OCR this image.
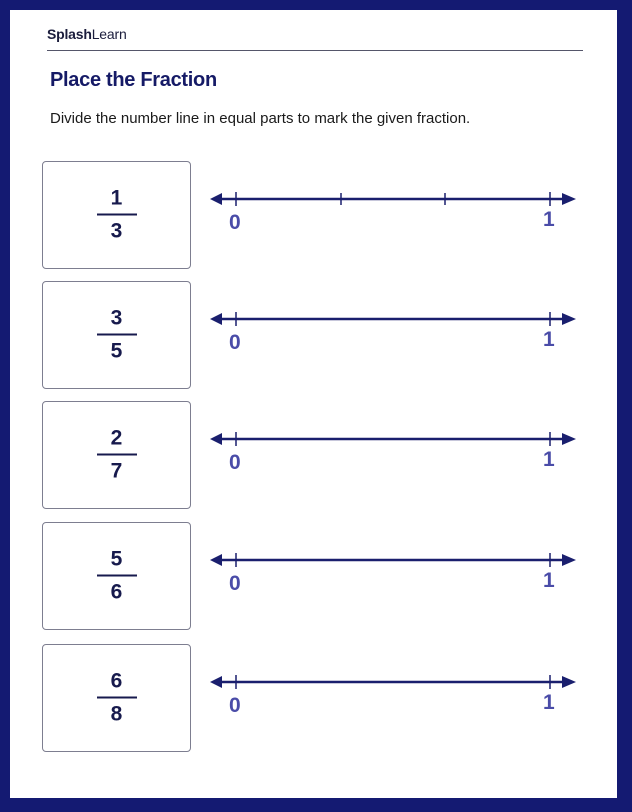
SplashLearn
Place the Fraction
Divide the number line in equal parts to mark the given fraction.
1
3	0	1
3
5	0	1
2
7	0	1
5
6	0	1
6
8	0	1
